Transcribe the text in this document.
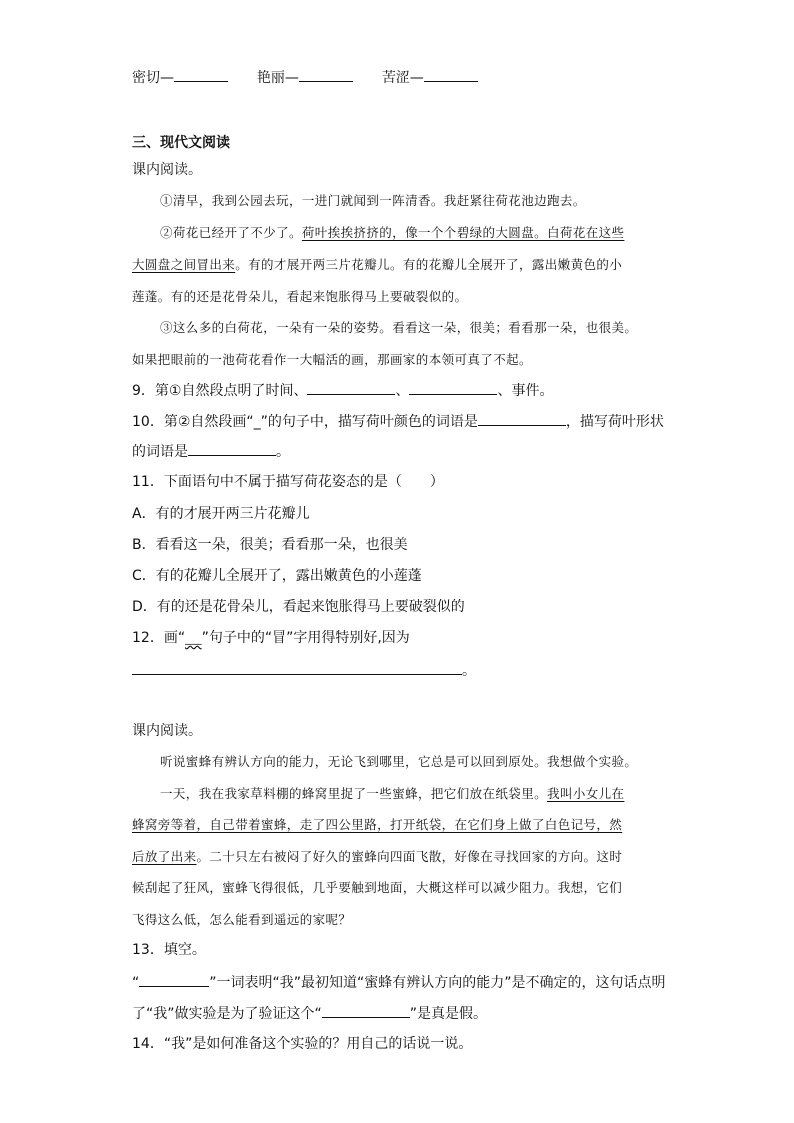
密切—	艳丽—	苦涩—
三、现代文阅读
课内阅读。
①清早，我到公园去玩，一进门就闻到一阵清香。我赶紧往荷花池边跑去。
②荷花已经开了不少了。荷叶挨挨挤挤的，像一个个碧绿的大圆盘。白荷花在这些
大圆盘之间冒出来。有的才展开两三片花瓣儿。有的花瓣儿全展开了，露出嫩黄色的小
莲蓬。有的还是花骨朵儿，看起来饱胀得马上要破裂似的。
③这么多的白荷花，一朵有一朵的姿势。看看这一朵，很美；看看那一朵，也很美。
如果把眼前的一池荷花看作一大幅活的画，那画家的本领可真了不起。
9．第①自然段点明了时间、	、	、事件。
10．第②自然段画“_”的句子中，描写荷叶颜色的词语是	，描写荷叶形状
的词语是	。
11．下面语句中不属于描写荷花姿态的是（　　）
A．有的才展开两三片花瓣儿
B．看看这一朵，很美；看看那一朵，也很美
C．有的花瓣儿全展开了，露出嫩黄色的小莲蓬
D．有的还是花骨朵儿，看起来饱胀得马上要破裂似的
12．画“___”句子中的“冒”字用得特别好,因为
。
课内阅读。
听说蜜蜂有辨认方向的能力，无论飞到哪里，它总是可以回到原处。我想做个实验。
一天，我在我家草料棚的蜂窝里捉了一些蜜蜂，把它们放在纸袋里。我叫小女儿在
蜂窝旁等着，自己带着蜜蜂，走了四公里路，打开纸袋，在它们身上做了白色记号，然
后放了出来。二十只左右被闷了好久的蜜蜂向四面飞散，好像在寻找回家的方向。这时
候刮起了狂风，蜜蜂飞得很低，几乎要触到地面，大概这样可以减少阻力。我想，它们
飞得这么低，怎么能看到遥远的家呢？
13．填空。
“	”一词表明“我”最初知道“蜜蜂有辨认方向的能力”是不确定的，这句话点明
了“我”做实验是为了验证这个“	”是真是假。
14．“我”是如何准备这个实验的？用自己的话说一说。
